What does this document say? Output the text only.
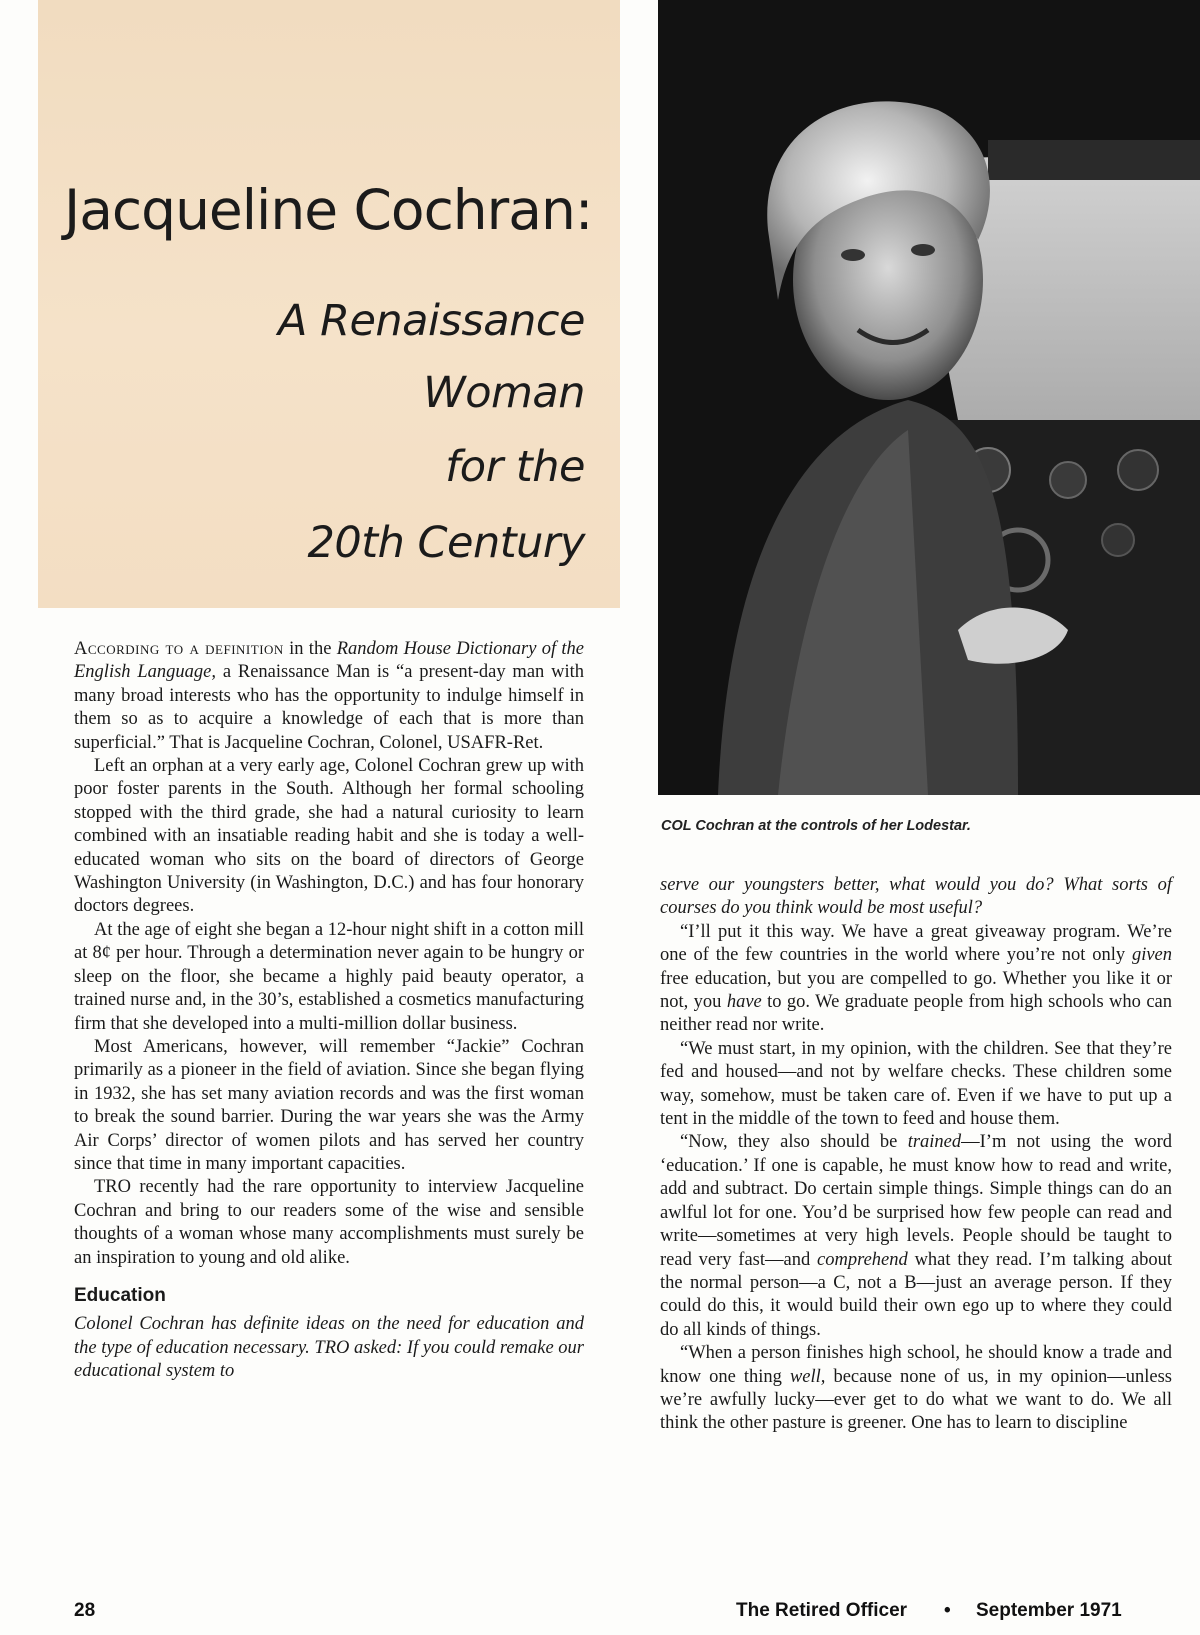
Jacqueline Cochran:
A Renaissance
Woman
for the
20th Century
COL Cochran at the controls of her Lodestar.

According to a definition in the Random House Dictionary of the English Language, a Renaissance Man is “a present-day man with many broad interests who has the opportunity to indulge himself in them so as to acquire a knowledge of each that is more than superficial.” That is Jacqueline Cochran, Colonel, USAFR-Ret.

Left an orphan at a very early age, Colonel Cochran grew up with poor foster parents in the South. Although her formal schooling stopped with the third grade, she had a natural curiosity to learn combined with an insatiable reading habit and she is today a well-educated woman who sits on the board of directors of George Washington University (in Washington, D.C.) and has four honorary doctors degrees.

At the age of eight she began a 12-hour night shift in a cotton mill at 8¢ per hour. Through a determination never again to be hungry or sleep on the floor, she became a highly paid beauty operator, a trained nurse and, in the 30’s, established a cosmetics manufacturing firm that she developed into a multi-million dollar business.

Most Americans, however, will remember “Jackie” Cochran primarily as a pioneer in the field of aviation. Since she began flying in 1932, she has set many aviation records and was the first woman to break the sound barrier. During the war years she was the Army Air Corps’ director of women pilots and has served her country since that time in many important capacities.

TRO recently had the rare opportunity to interview Jacqueline Cochran and bring to our readers some of the wise and sensible thoughts of a woman whose many accomplishments must surely be an inspiration to young and old alike.

Education

Colonel Cochran has definite ideas on the need for education and the type of education necessary. TRO asked: If you could remake our educational system to

serve our youngsters better, what would you do? What sorts of courses do you think would be most useful?

“I’ll put it this way. We have a great giveaway program. We’re one of the few countries in the world where you’re not only given free education, but you are compelled to go. Whether you like it or not, you have to go. We graduate people from high schools who can neither read nor write.

“We must start, in my opinion, with the children. See that they’re fed and housed—and not by welfare checks. These children some way, somehow, must be taken care of. Even if we have to put up a tent in the middle of the town to feed and house them.

“Now, they also should be trained—I’m not using the word ‘education.’ If one is capable, he must know how to read and write, add and subtract. Do certain simple things. Simple things can do an awlful lot for one. You’d be surprised how few people can read and write—sometimes at very high levels. People should be taught to read very fast—and comprehend what they read. I’m talking about the normal person—a C, not a B—just an average person. If they could do this, it would build their own ego up to where they could do all kinds of things.

“When a person finishes high school, he should know a trade and know one thing well, because none of us, in my opinion—unless we’re awfully lucky—ever get to do what we want to do. We all think the other pasture is greener. One has to learn to discipline

28	The Retired Officer • September 1971
